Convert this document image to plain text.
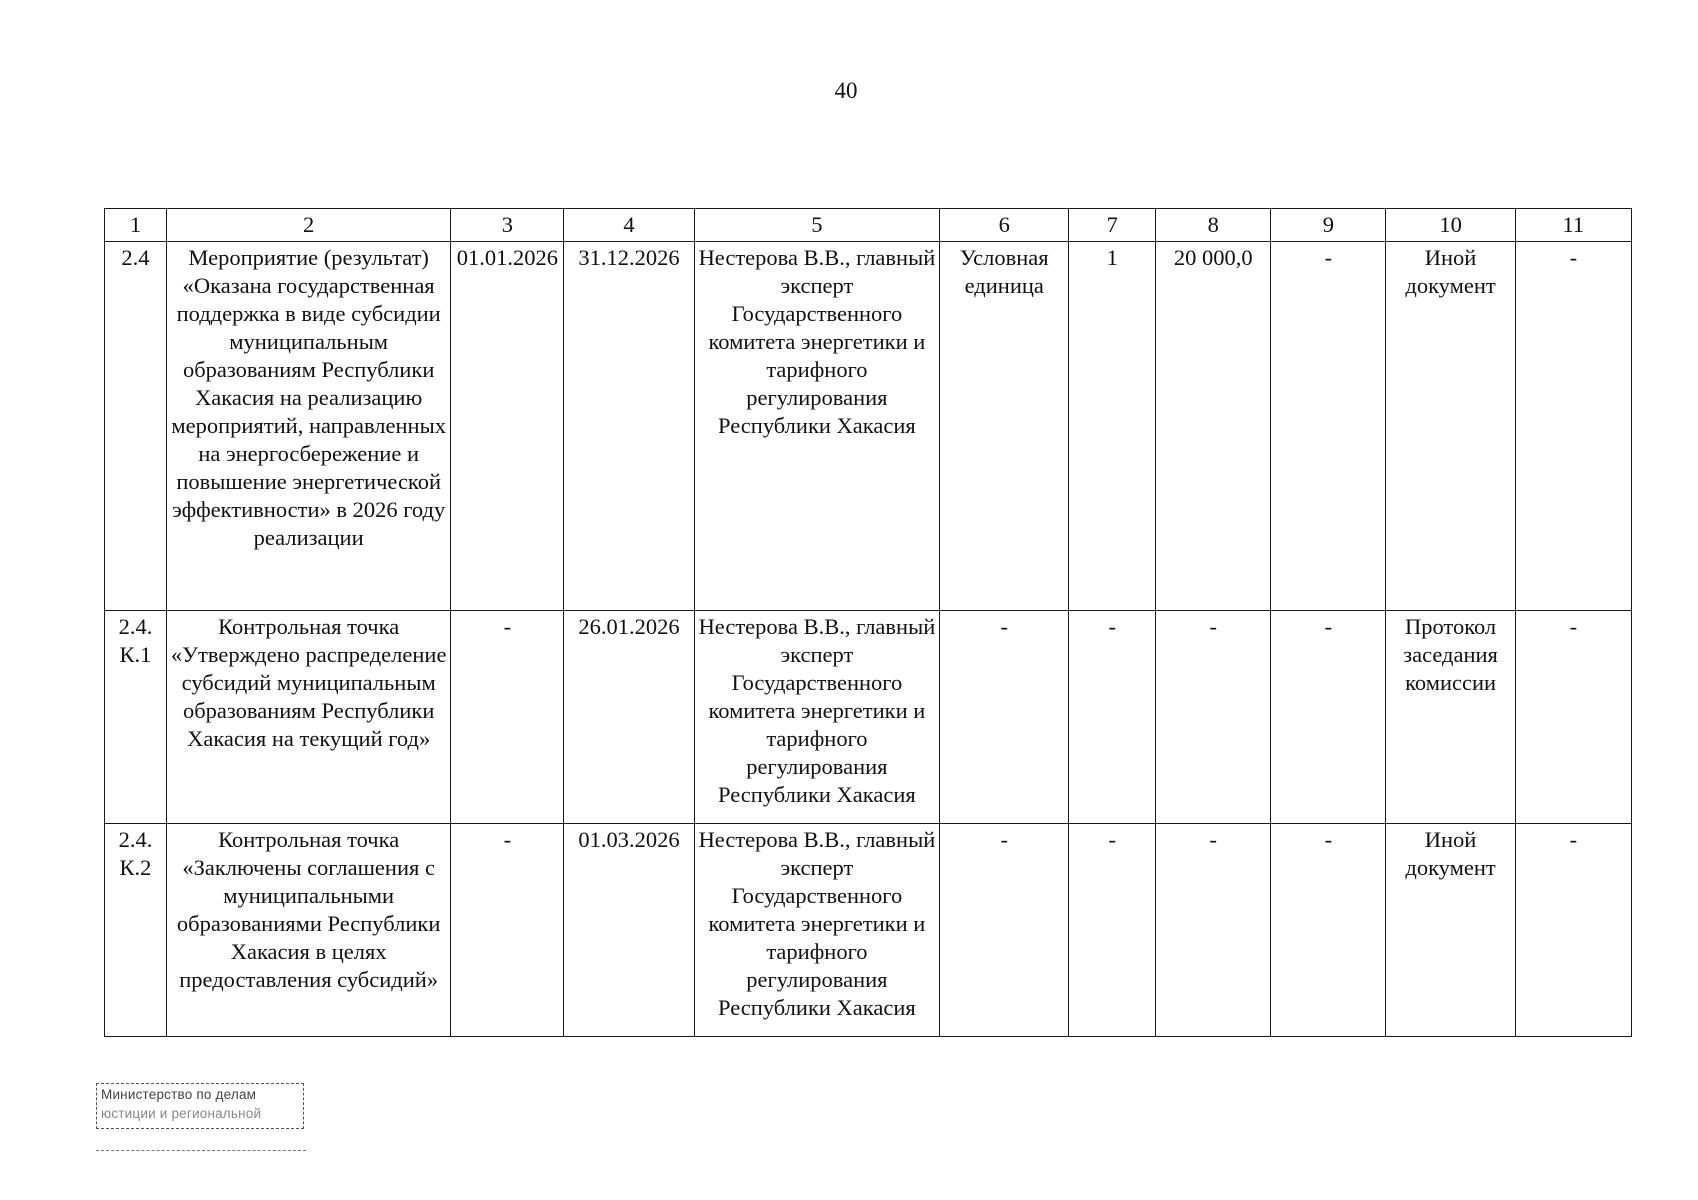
40
1	2	3	4	5	6	7	8	9	10	11
2.4	Мероприятие (результат) «Оказана государственная поддержка в виде субсидии муниципальным образованиям Республики Хакасия на реализацию мероприятий, направленных на энергосбережение и повышение энергетической эффективности» в 2026 году реализации	01.01.2026	31.12.2026	Нестерова В.В., главный эксперт Государственного комитета энергетики и тарифного регулирования Республики Хакасия	Условная единица	1	20 000,0	-	Иной документ	-
2.4. К.1	Контрольная точка «Утверждено распределение субсидий муниципальным образованиям Республики Хакасия на текущий год»	-	26.01.2026	Нестерова В.В., главный эксперт Государственного комитета энергетики и тарифного регулирования Республики Хакасия	-	-	-	-	Протокол заседания комиссии	-
2.4. К.2	Контрольная точка «Заключены соглашения с муниципальными образованиями Республики Хакасия в целях предоставления субсидий»	-	01.03.2026	Нестерова В.В., главный эксперт Государственного комитета энергетики и тарифного регулирования Республики Хакасия	-	-	-	-	Иной документ	-
Министерство по делам
юстиции и региональной
